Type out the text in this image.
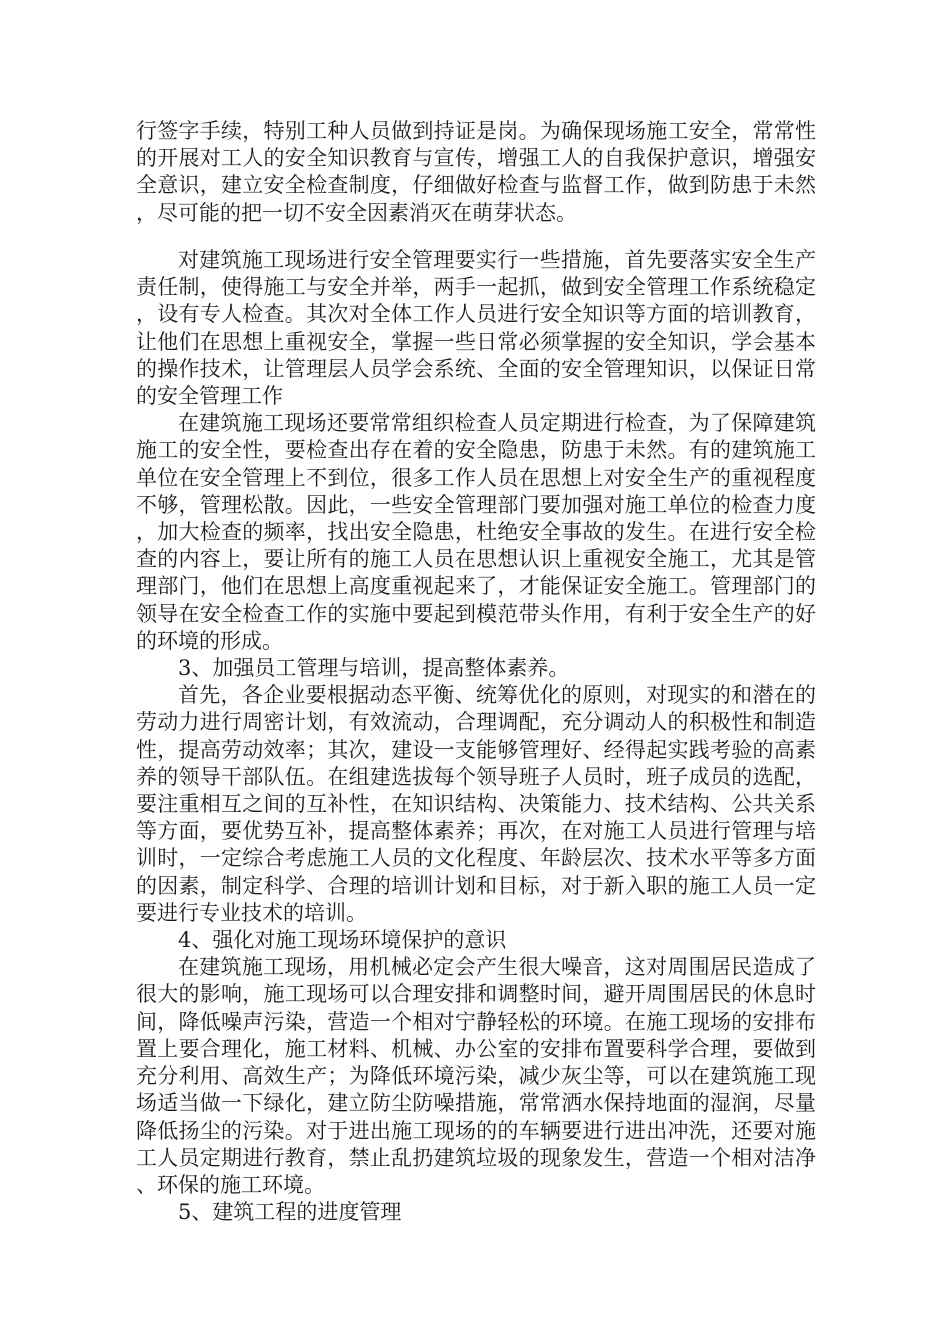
行签字手续，特别工种人员做到持证是岗。为确保现场施工安全，常常性的开展对工人的安全知识教育与宣传，增强工人的自我保护意识，增强安全意识，建立安全检查制度，仔细做好检查与监督工作，做到防患于未然，尽可能的把一切不安全因素消灭在萌芽状态。

对建筑施工现场进行安全管理要实行一些措施，首先要落实安全生产责任制，使得施工与安全并举，两手一起抓，做到安全管理工作系统稳定，设有专人检查。其次对全体工作人员进行安全知识等方面的培训教育，让他们在思想上重视安全，掌握一些日常必须掌握的安全知识，学会基本的操作技术，让管理层人员学会系统、全面的安全管理知识，以保证日常的安全管理工作

在建筑施工现场还要常常组织检查人员定期进行检查，为了保障建筑施工的安全性，要检查出存在着的安全隐患，防患于未然。有的建筑施工单位在安全管理上不到位，很多工作人员在思想上对安全生产的重视程度不够，管理松散。因此，一些安全管理部门要加强对施工单位的检查力度，加大检查的频率，找出安全隐患，杜绝安全事故的发生。在进行安全检查的内容上，要让所有的施工人员在思想认识上重视安全施工，尤其是管理部门，他们在思想上高度重视起来了，才能保证安全施工。管理部门的领导在安全检查工作的实施中要起到模范带头作用，有利于安全生产的好的环境的形成。

3、加强员工管理与培训，提高整体素养。

首先，各企业要根据动态平衡、统筹优化的原则，对现实的和潜在的劳动力进行周密计划，有效流动，合理调配，充分调动人的积极性和制造性，提高劳动效率；其次，建设一支能够管理好、经得起实践考验的高素养的领导干部队伍。在组建选拔每个领导班子人员时，班子成员的选配，要注重相互之间的互补性，在知识结构、决策能力、技术结构、公共关系等方面，要优势互补，提高整体素养；再次，在对施工人员进行管理与培训时，一定综合考虑施工人员的文化程度、年龄层次、技术水平等多方面的因素，制定科学、合理的培训计划和目标，对于新入职的施工人员一定要进行专业技术的培训。

4、强化对施工现场环境保护的意识

在建筑施工现场，用机械必定会产生很大噪音，这对周围居民造成了很大的影响，施工现场可以合理安排和调整时间，避开周围居民的休息时间，降低噪声污染，营造一个相对宁静轻松的环境。在施工现场的安排布置上要合理化，施工材料、机械、办公室的安排布置要科学合理，要做到充分利用、高效生产；为降低环境污染，减少灰尘等，可以在建筑施工现场适当做一下绿化，建立防尘防噪措施，常常洒水保持地面的湿润，尽量降低扬尘的污染。对于进出施工现场的的车辆要进行进出冲洗，还要对施工人员定期进行教育，禁止乱扔建筑垃圾的现象发生，营造一个相对洁净、环保的施工环境。

5、建筑工程的进度管理
